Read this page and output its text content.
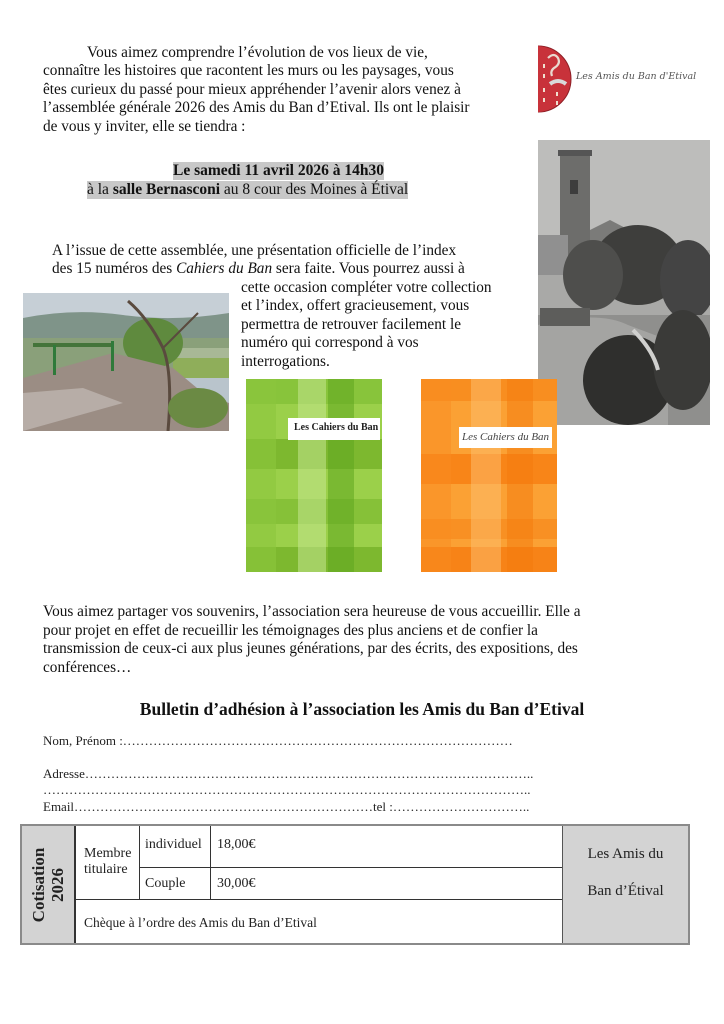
Vous aimez comprendre l’évolution de vos lieux de vie,
connaître les histoires que racontent les murs ou les paysages, vous
êtes curieux du passé pour mieux appréhender l’avenir alors venez à
l’assemblée générale 2026 des Amis du Ban d’Etival. Ils ont le plaisir
de vous y inviter, elle se tiendra :
Les Amis du Ban d'Etival
Le samedi 11 avril 2026 à 14h30
à la salle Bernasconi au 8 cour des Moines à Étival
A l’issue de cette assemblée, une présentation officielle de l’index
des 15 numéros des Cahiers du Ban sera faite. Vous pourrez aussi à
cette occasion compléter votre collection
et l’index, offert gracieusement, vous
permettra de retrouver facilement le
numéro qui correspond à vos
interrogations.
Les Cahiers du Ban
Les Cahiers du Ban
Vous aimez partager vos souvenirs, l’association sera heureuse de vous accueillir. Elle a
pour projet en effet de recueillir les témoignages des plus anciens et de confier la
transmission de ceux-ci aux plus jeunes générations, par des écrits, des expositions, des
conférences…
Bulletin d’adhésion à l’association les Amis du Ban d’Etival
Nom, Prénom :………………………………………………………………………………
Adresse…………………………………………………………………………………………..
…………………………………………………………………………………………………..
Email……………………………………………………………tel :…………………………..
Cotisation 2026
Membre
titulaire
individuel	18,00€
Couple	30,00€
Chèque à l’ordre des Amis du Ban d’Etival
Les Amis du
Ban d’Étival
